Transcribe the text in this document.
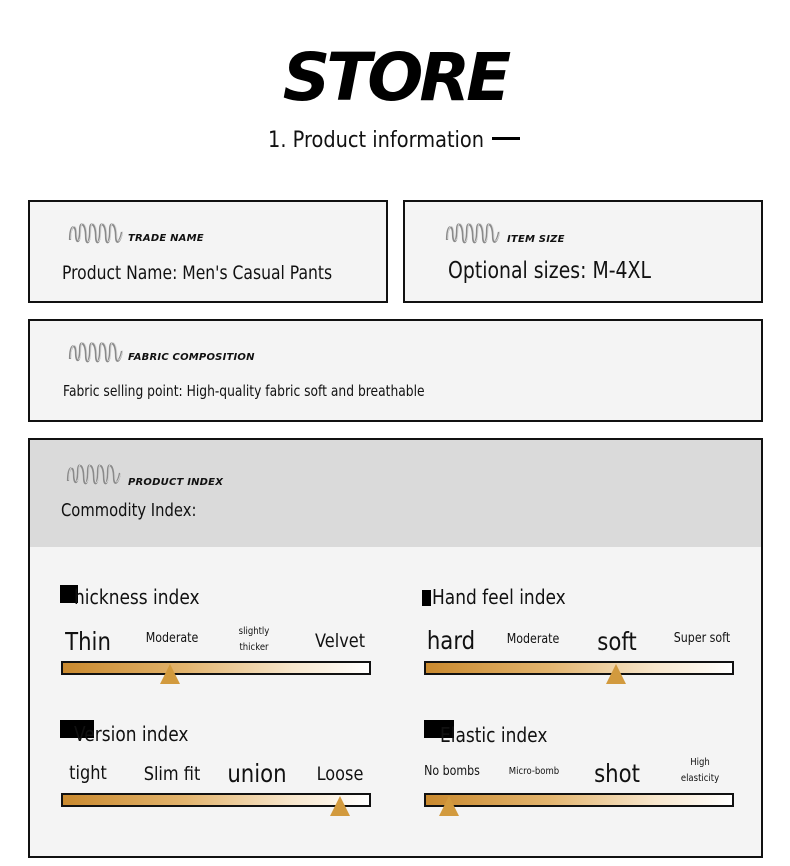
STORE
1. Product information
TRADE NAME
Product Name: Men's Casual Pants
ITEM SIZE
Optional sizes: M-4XL
FABRIC COMPOSITION
Fabric selling point: High-quality fabric soft and breathable
PRODUCT INDEX
Commodity Index:
hickness index
Thin	Moderate	slightly
thicker Velvet
Hand feel index
hard Moderate soft	Super soft
Version index
tight Slim fit union Loose
Elastic index
No bombs	Micro-bomb shot	High
elasticity
